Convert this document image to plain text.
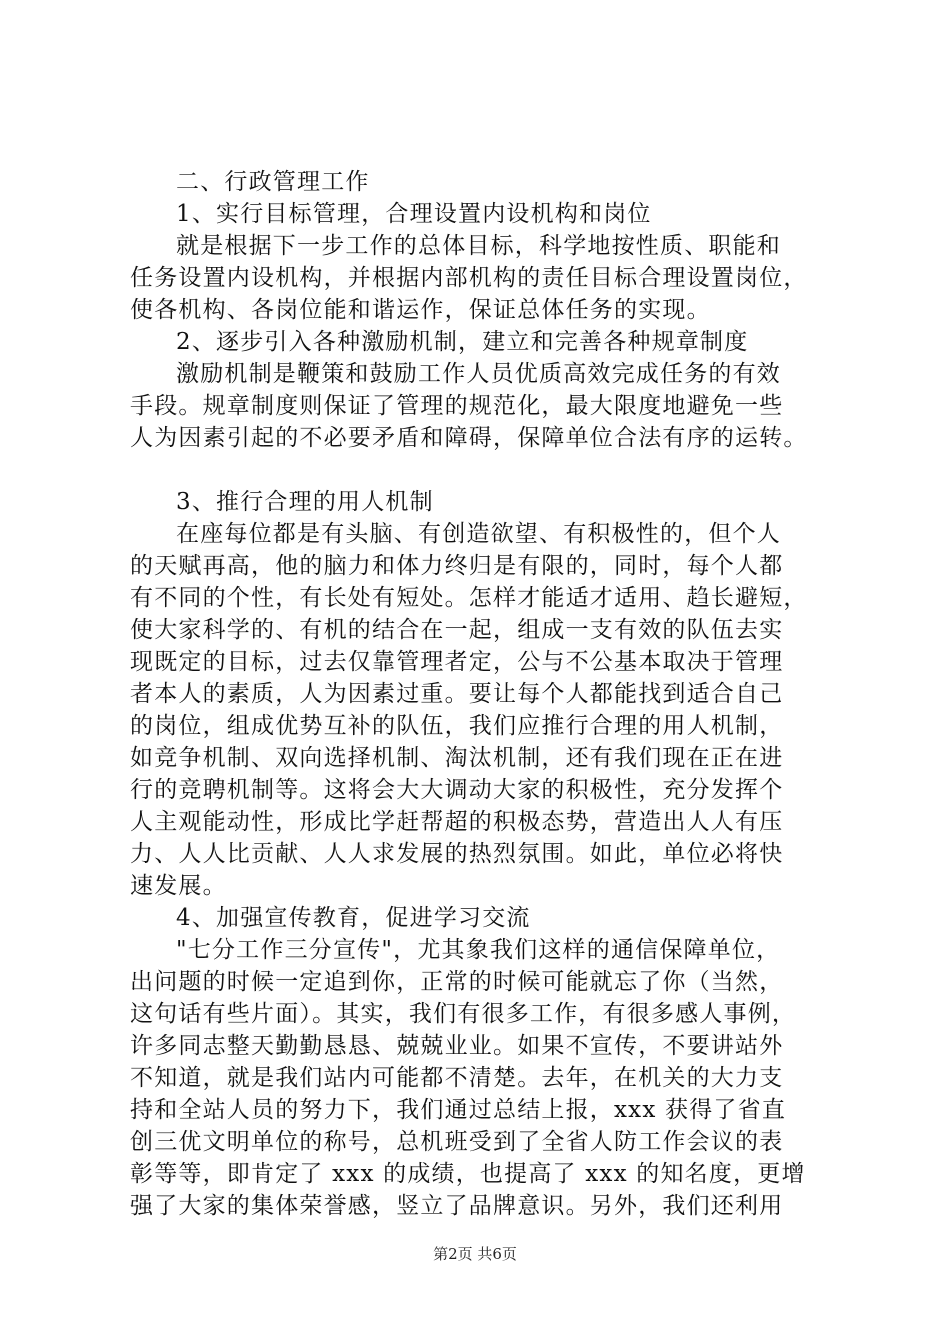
二、行政管理工作
1、实行目标管理，合理设置内设机构和岗位
就是根据下一步工作的总体目标，科学地按性质、职能和
任务设置内设机构，并根据内部机构的责任目标合理设置岗位，
使各机构、各岗位能和谐运作，保证总体任务的实现。
2、逐步引入各种激励机制，建立和完善各种规章制度
激励机制是鞭策和鼓励工作人员优质高效完成任务的有效
手段。规章制度则保证了管理的规范化，最大限度地避免一些
人为因素引起的不必要矛盾和障碍，保障单位合法有序的运转。
3、推行合理的用人机制
在座每位都是有头脑、有创造欲望、有积极性的，但个人
的天赋再高，他的脑力和体力终归是有限的，同时，每个人都
有不同的个性，有长处有短处。怎样才能适才适用、趋长避短，
使大家科学的、有机的结合在一起，组成一支有效的队伍去实
现既定的目标，过去仅靠管理者定，公与不公基本取决于管理
者本人的素质，人为因素过重。要让每个人都能找到适合自己
的岗位，组成优势互补的队伍，我们应推行合理的用人机制，
如竞争机制、双向选择机制、淘汰机制，还有我们现在正在进
行的竞聘机制等。这将会大大调动大家的积极性，充分发挥个
人主观能动性，形成比学赶帮超的积极态势，营造出人人有压
力、人人比贡献、人人求发展的热烈氛围。如此，单位必将快
速发展。
4、加强宣传教育，促进学习交流
"七分工作三分宣传"，尤其象我们这样的通信保障单位，
出问题的时候一定追到你，正常的时候可能就忘了你（当然，
这句话有些片面）。其实，我们有很多工作，有很多感人事例，
许多同志整天勤勤恳恳、兢兢业业。如果不宣传，不要讲站外
不知道，就是我们站内可能都不清楚。去年，在机关的大力支
持和全站人员的努力下，我们通过总结上报，xxx 获得了省直
创三优文明单位的称号，总机班受到了全省人防工作会议的表
彰等等，即肯定了 xxx 的成绩，也提高了 xxx 的知名度，更增
强了大家的集体荣誉感，竖立了品牌意识。另外，我们还利用
第2页 共6页
